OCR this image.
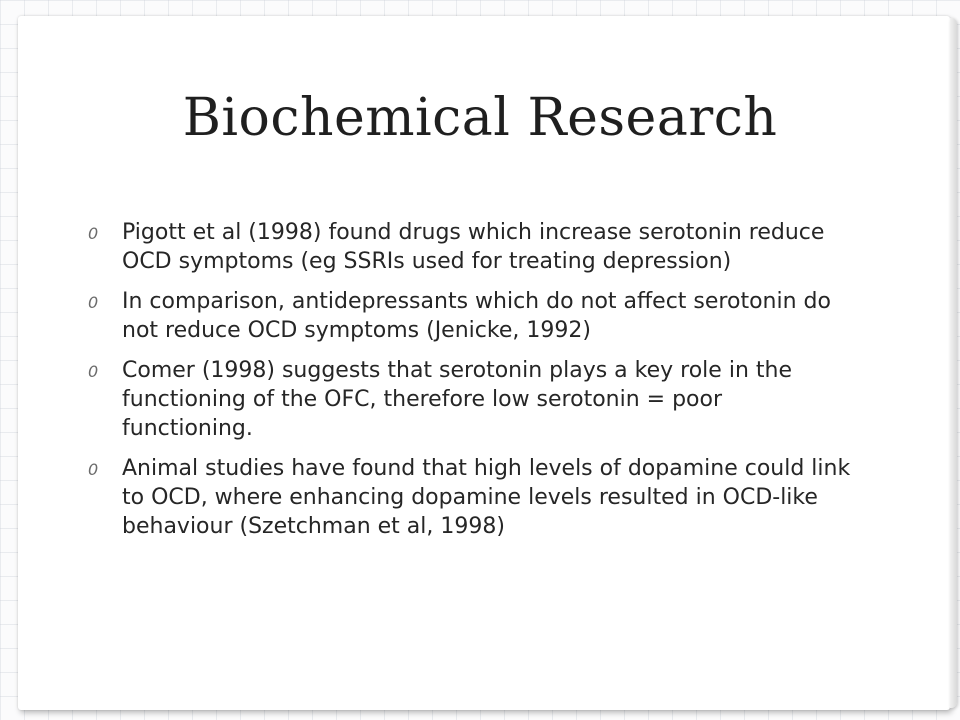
Biochemical Research
0 Pigott et al (1998) found drugs which increase serotonin reduce OCD symptoms (eg SSRIs used for treating depression)
0 In comparison, antidepressants which do not affect serotonin do not reduce OCD symptoms (Jenicke, 1992)
0 Comer (1998) suggests that serotonin plays a key role in the functioning of the OFC, therefore low serotonin = poor functioning.
0 Animal studies have found that high levels of dopamine could link to OCD, where enhancing dopamine levels resulted in OCD-like behaviour (Szetchman et al, 1998)
